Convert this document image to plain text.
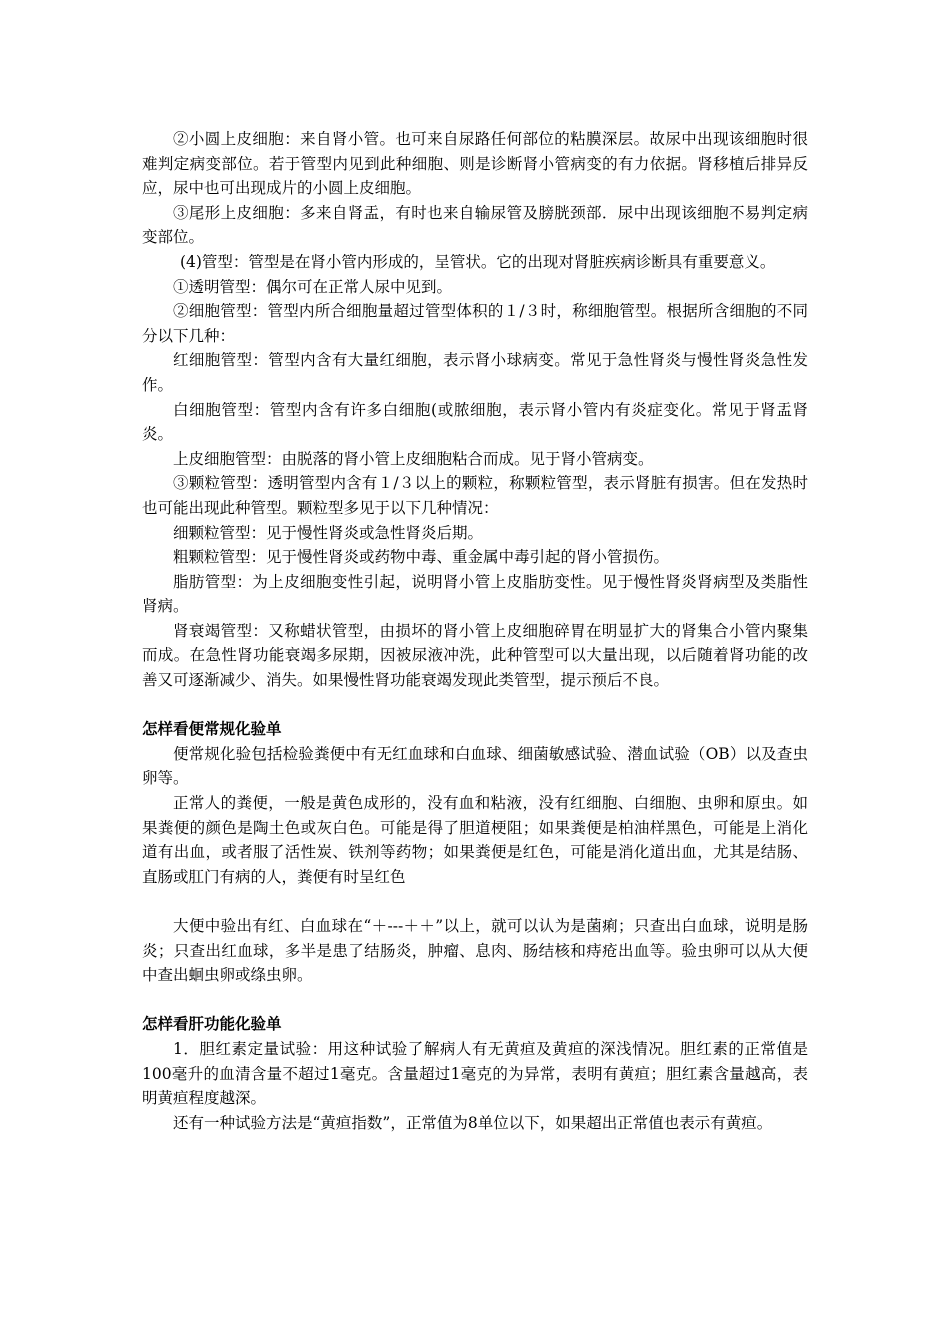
②小圆上皮细胞：来自肾小管。也可来自尿路任何部位的粘膜深层。故尿中出现该细胞时很难判定病变部位。若于管型内见到此种细胞、则是诊断肾小管病变的有力依据。肾移植后排异反应，尿中也可出现成片的小圆上皮细胞。

③尾形上皮细胞：多来自肾盂，有时也来自输尿管及膀胱颈部．尿中出现该细胞不易判定病变部位。

(4)管型：管型是在肾小管内形成的，呈管状。它的出现对肾脏疾病诊断具有重要意义。

①透明管型：偶尔可在正常人尿中见到。

②细胞管型：管型内所合细胞量超过管型体积的１/３时，称细胞管型。根据所含细胞的不同分以下几种：

红细胞管型：管型内含有大量红细胞，表示肾小球病变。常见于急性肾炎与慢性肾炎急性发作。

白细胞管型：管型内含有许多白细胞(或脓细胞，表示肾小管内有炎症变化。常见于肾盂肾炎。

上皮细胞管型：由脱落的肾小管上皮细胞粘合而成。见于肾小管病变。

③颗粒管型：透明管型内含有１/３以上的颗粒，称颗粒管型，表示肾脏有损害。但在发热时也可能出现此种管型。颗粒型多见于以下几种情况：

细颗粒管型：见于慢性肾炎或急性肾炎后期。

粗颗粒管型：见于慢性肾炎或药物中毒、重金属中毒引起的肾小管损伤。

脂肪管型：为上皮细胞变性引起，说明肾小管上皮脂肪变性。见于慢性肾炎肾病型及类脂性肾病。

肾衰竭管型：又称蜡状管型，由损坏的肾小管上皮细胞碎胃在明显扩大的肾集合小管内聚集而成。在急性肾功能衰竭多尿期，因被尿液冲洗，此种管型可以大量出现，以后随着肾功能的改善又可逐渐减少、消失。如果慢性肾功能衰竭发现此类管型，提示预后不良。

怎样看便常规化验单

便常规化验包括检验粪便中有无红血球和白血球、细菌敏感试验、潜血试验（OB）以及查虫卵等。

正常人的粪便，一般是黄色成形的，没有血和粘液，没有红细胞、白细胞、虫卵和原虫。如果粪便的颜色是陶土色或灰白色。可能是得了胆道梗阻；如果粪便是柏油样黑色，可能是上消化道有出血，或者服了活性炭、铁剂等药物；如果粪便是红色，可能是消化道出血，尤其是结肠、直肠或肛门有病的人，粪便有时呈红色

大便中验出有红、白血球在“＋---＋＋”以上，就可以认为是菌痢；只查出白血球，说明是肠炎；只查出红血球，多半是患了结肠炎，肿瘤、息肉、肠结核和痔疮出血等。验虫卵可以从大便中查出蛔虫卵或绦虫卵。

怎样看肝功能化验单

1．胆红素定量试验：用这种试验了解病人有无黄疸及黄疸的深浅情况。胆红素的正常值是100毫升的血清含量不超过1毫克。含量超过1毫克的为异常，表明有黄疸；胆红素含量越高，表明黄疸程度越深。

还有一种试验方法是“黄疸指数”，正常值为8单位以下，如果超出正常值也表示有黄疸。
